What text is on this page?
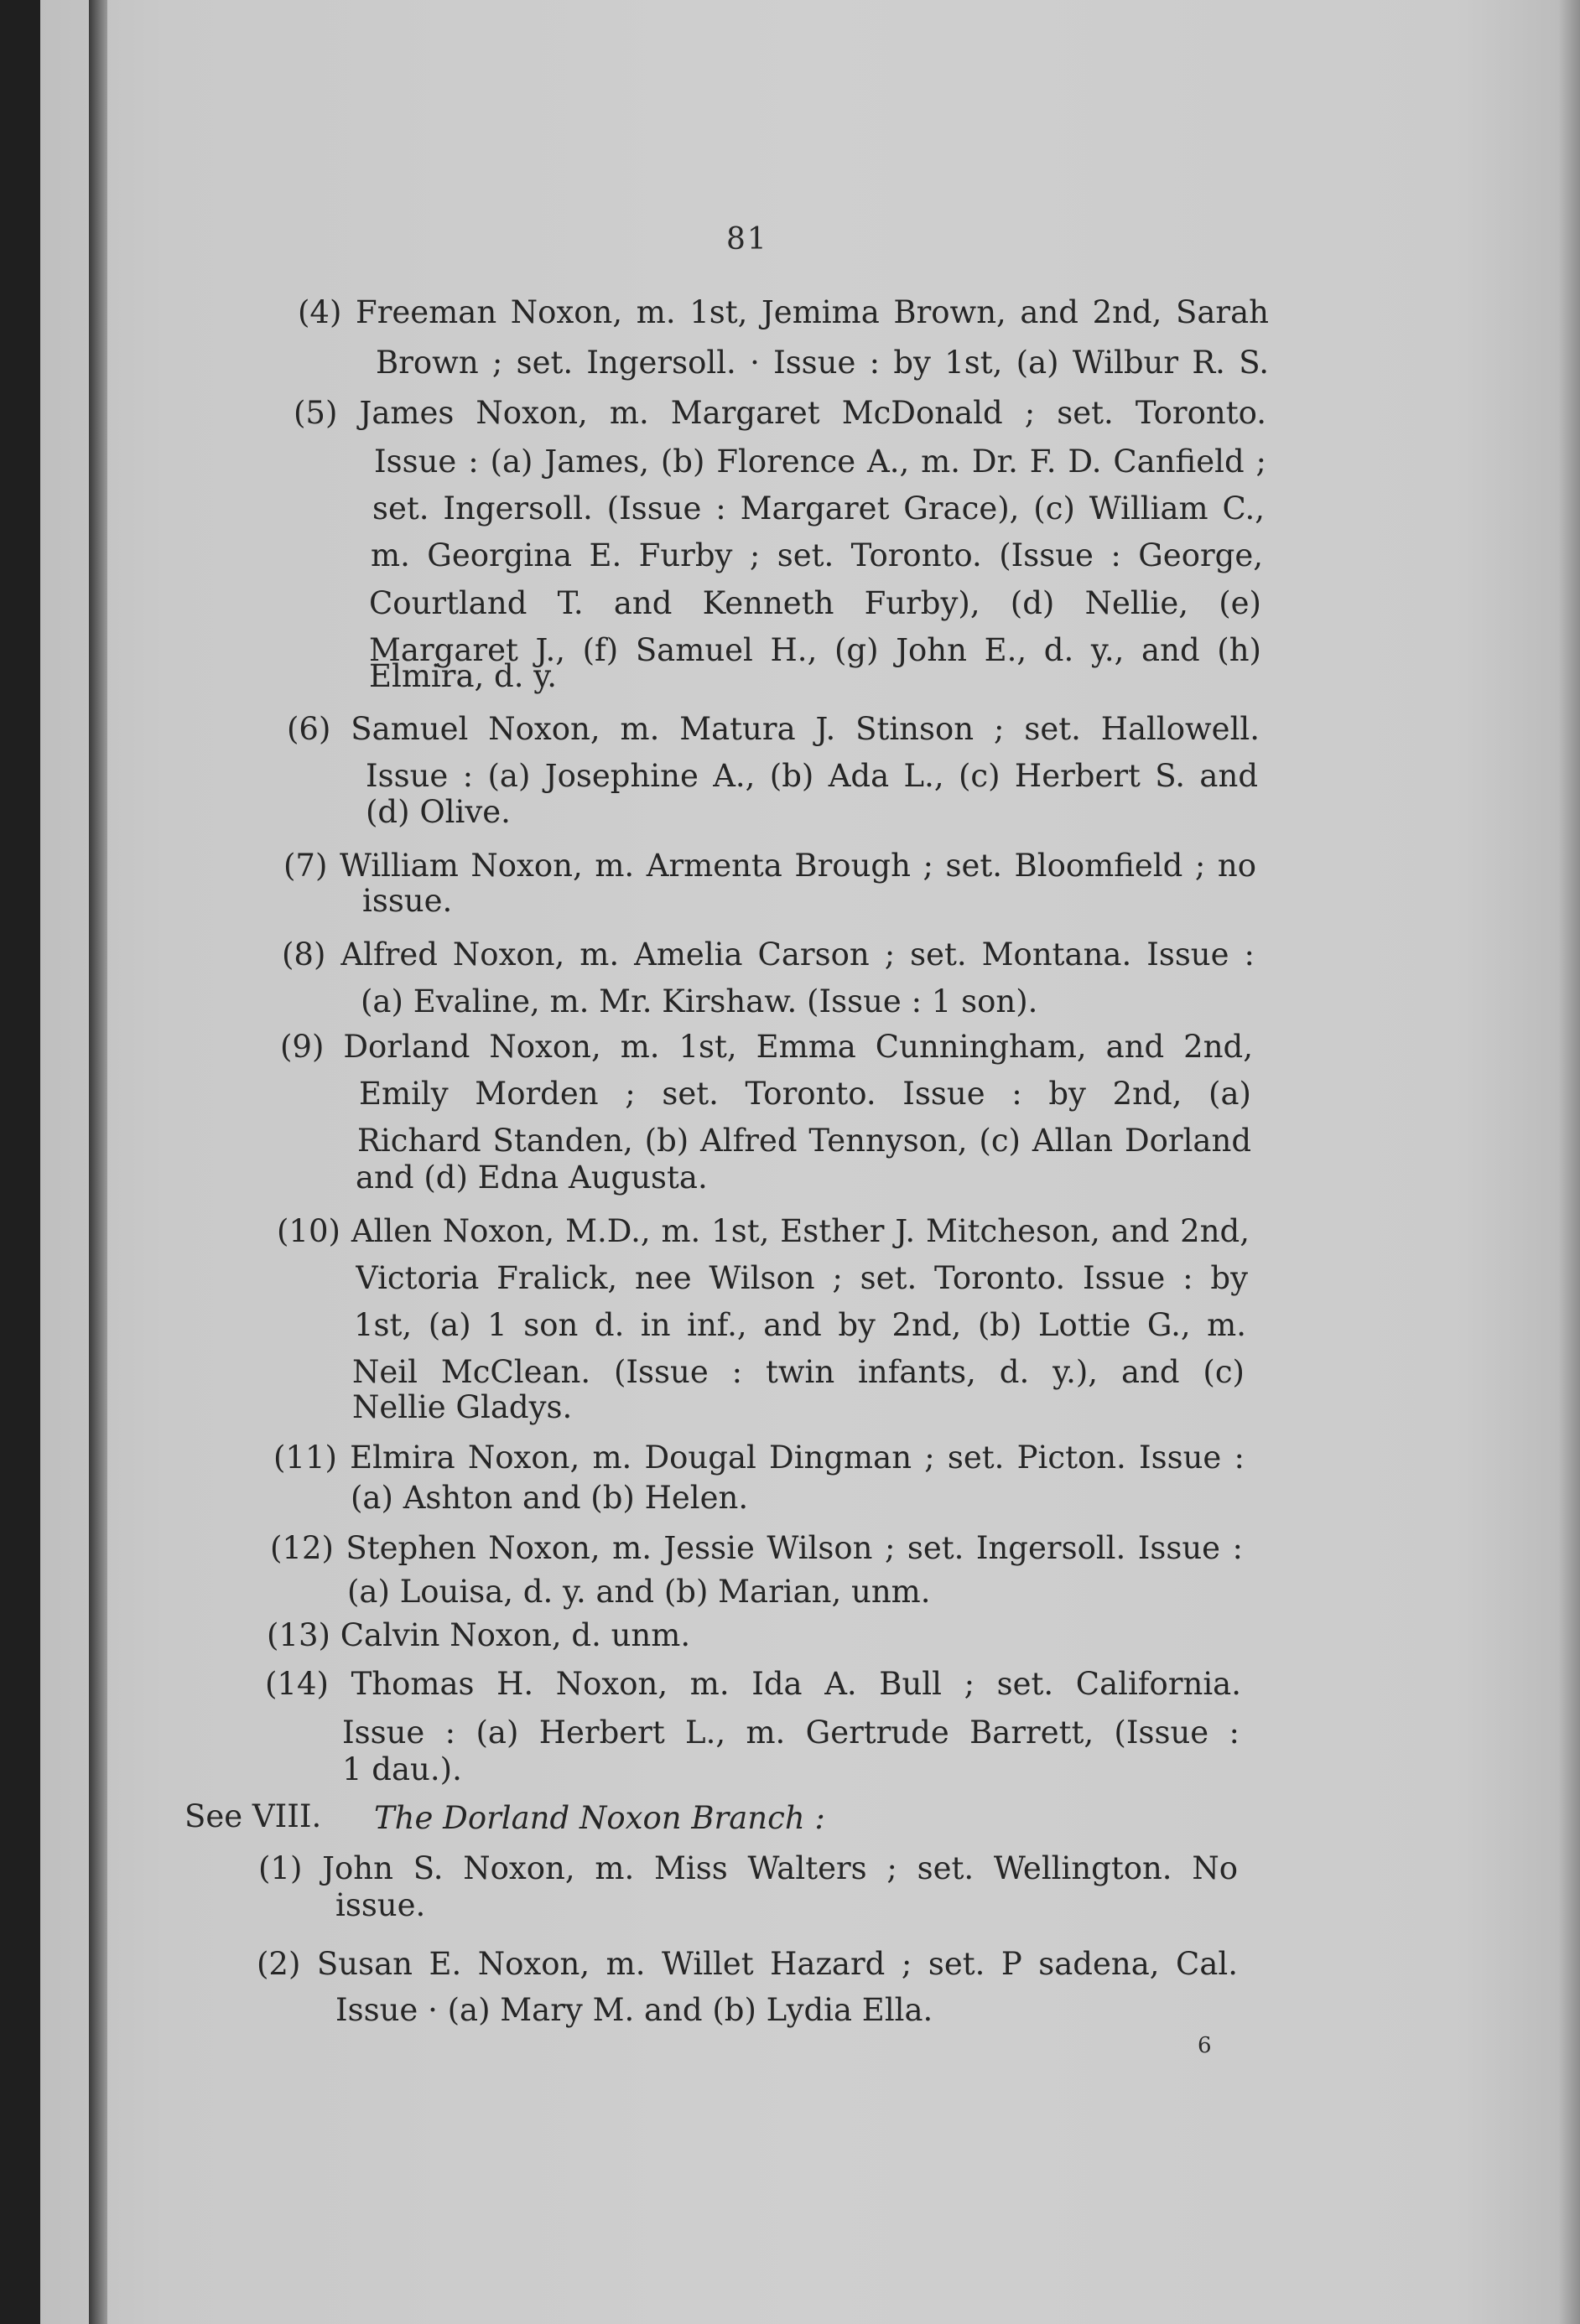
81
(4) Freeman Noxon, m. 1st, Jemima Brown, and 2nd, Sarah
Brown ; set. Ingersoll. · Issue : by 1st, (a) Wilbur R. S.
(5) James Noxon, m. Margaret McDonald ; set. Toronto.
Issue : (a) James, (b) Florence A., m. Dr. F. D. Canfield ;
set. Ingersoll. (Issue : Margaret Grace), (c) William C.,
m. Georgina E. Furby ; set. Toronto. (Issue : George,
Courtland T. and Kenneth Furby), (d) Nellie, (e)
Margaret J., (f) Samuel H., (g) John E., d. y., and (h)
Elmira, d. y.
(6) Samuel Noxon, m. Matura J. Stinson ; set. Hallowell.
Issue : (a) Josephine A., (b) Ada L., (c) Herbert S. and
(d) Olive.
(7) William Noxon, m. Armenta Brough ; set. Bloomfield ; no
issue.
(8) Alfred Noxon, m. Amelia Carson ; set. Montana. Issue :
(a) Evaline, m. Mr. Kirshaw. (Issue : 1 son).
(9) Dorland Noxon, m. 1st, Emma Cunningham, and 2nd,
Emily Morden ; set. Toronto. Issue : by 2nd, (a)
Richard Standen, (b) Alfred Tennyson, (c) Allan Dorland
and (d) Edna Augusta.
(10) Allen Noxon, M.D., m. 1st, Esther J. Mitcheson, and 2nd,
Victoria Fralick, nee Wilson ; set. Toronto. Issue : by
1st, (a) 1 son d. in inf., and by 2nd, (b) Lottie G., m.
Neil McClean. (Issue : twin infants, d. y.), and (c)
Nellie Gladys.
(11) Elmira Noxon, m. Dougal Dingman ; set. Picton. Issue :
(a) Ashton and (b) Helen.
(12) Stephen Noxon, m. Jessie Wilson ; set. Ingersoll. Issue :
(a) Louisa, d. y. and (b) Marian, unm.
(13) Calvin Noxon, d. unm.
(14) Thomas H. Noxon, m. Ida A. Bull ; set. California.
Issue : (a) Herbert L., m. Gertrude Barrett, (Issue :
1 dau.).
See VIII. The Dorland Noxon Branch :
(1) John S. Noxon, m. Miss Walters ; set. Wellington. No
issue.
(2) Susan E. Noxon, m. Willet Hazard ; set. P sadena, Cal.
Issue · (a) Mary M. and (b) Lydia Ella.
6
